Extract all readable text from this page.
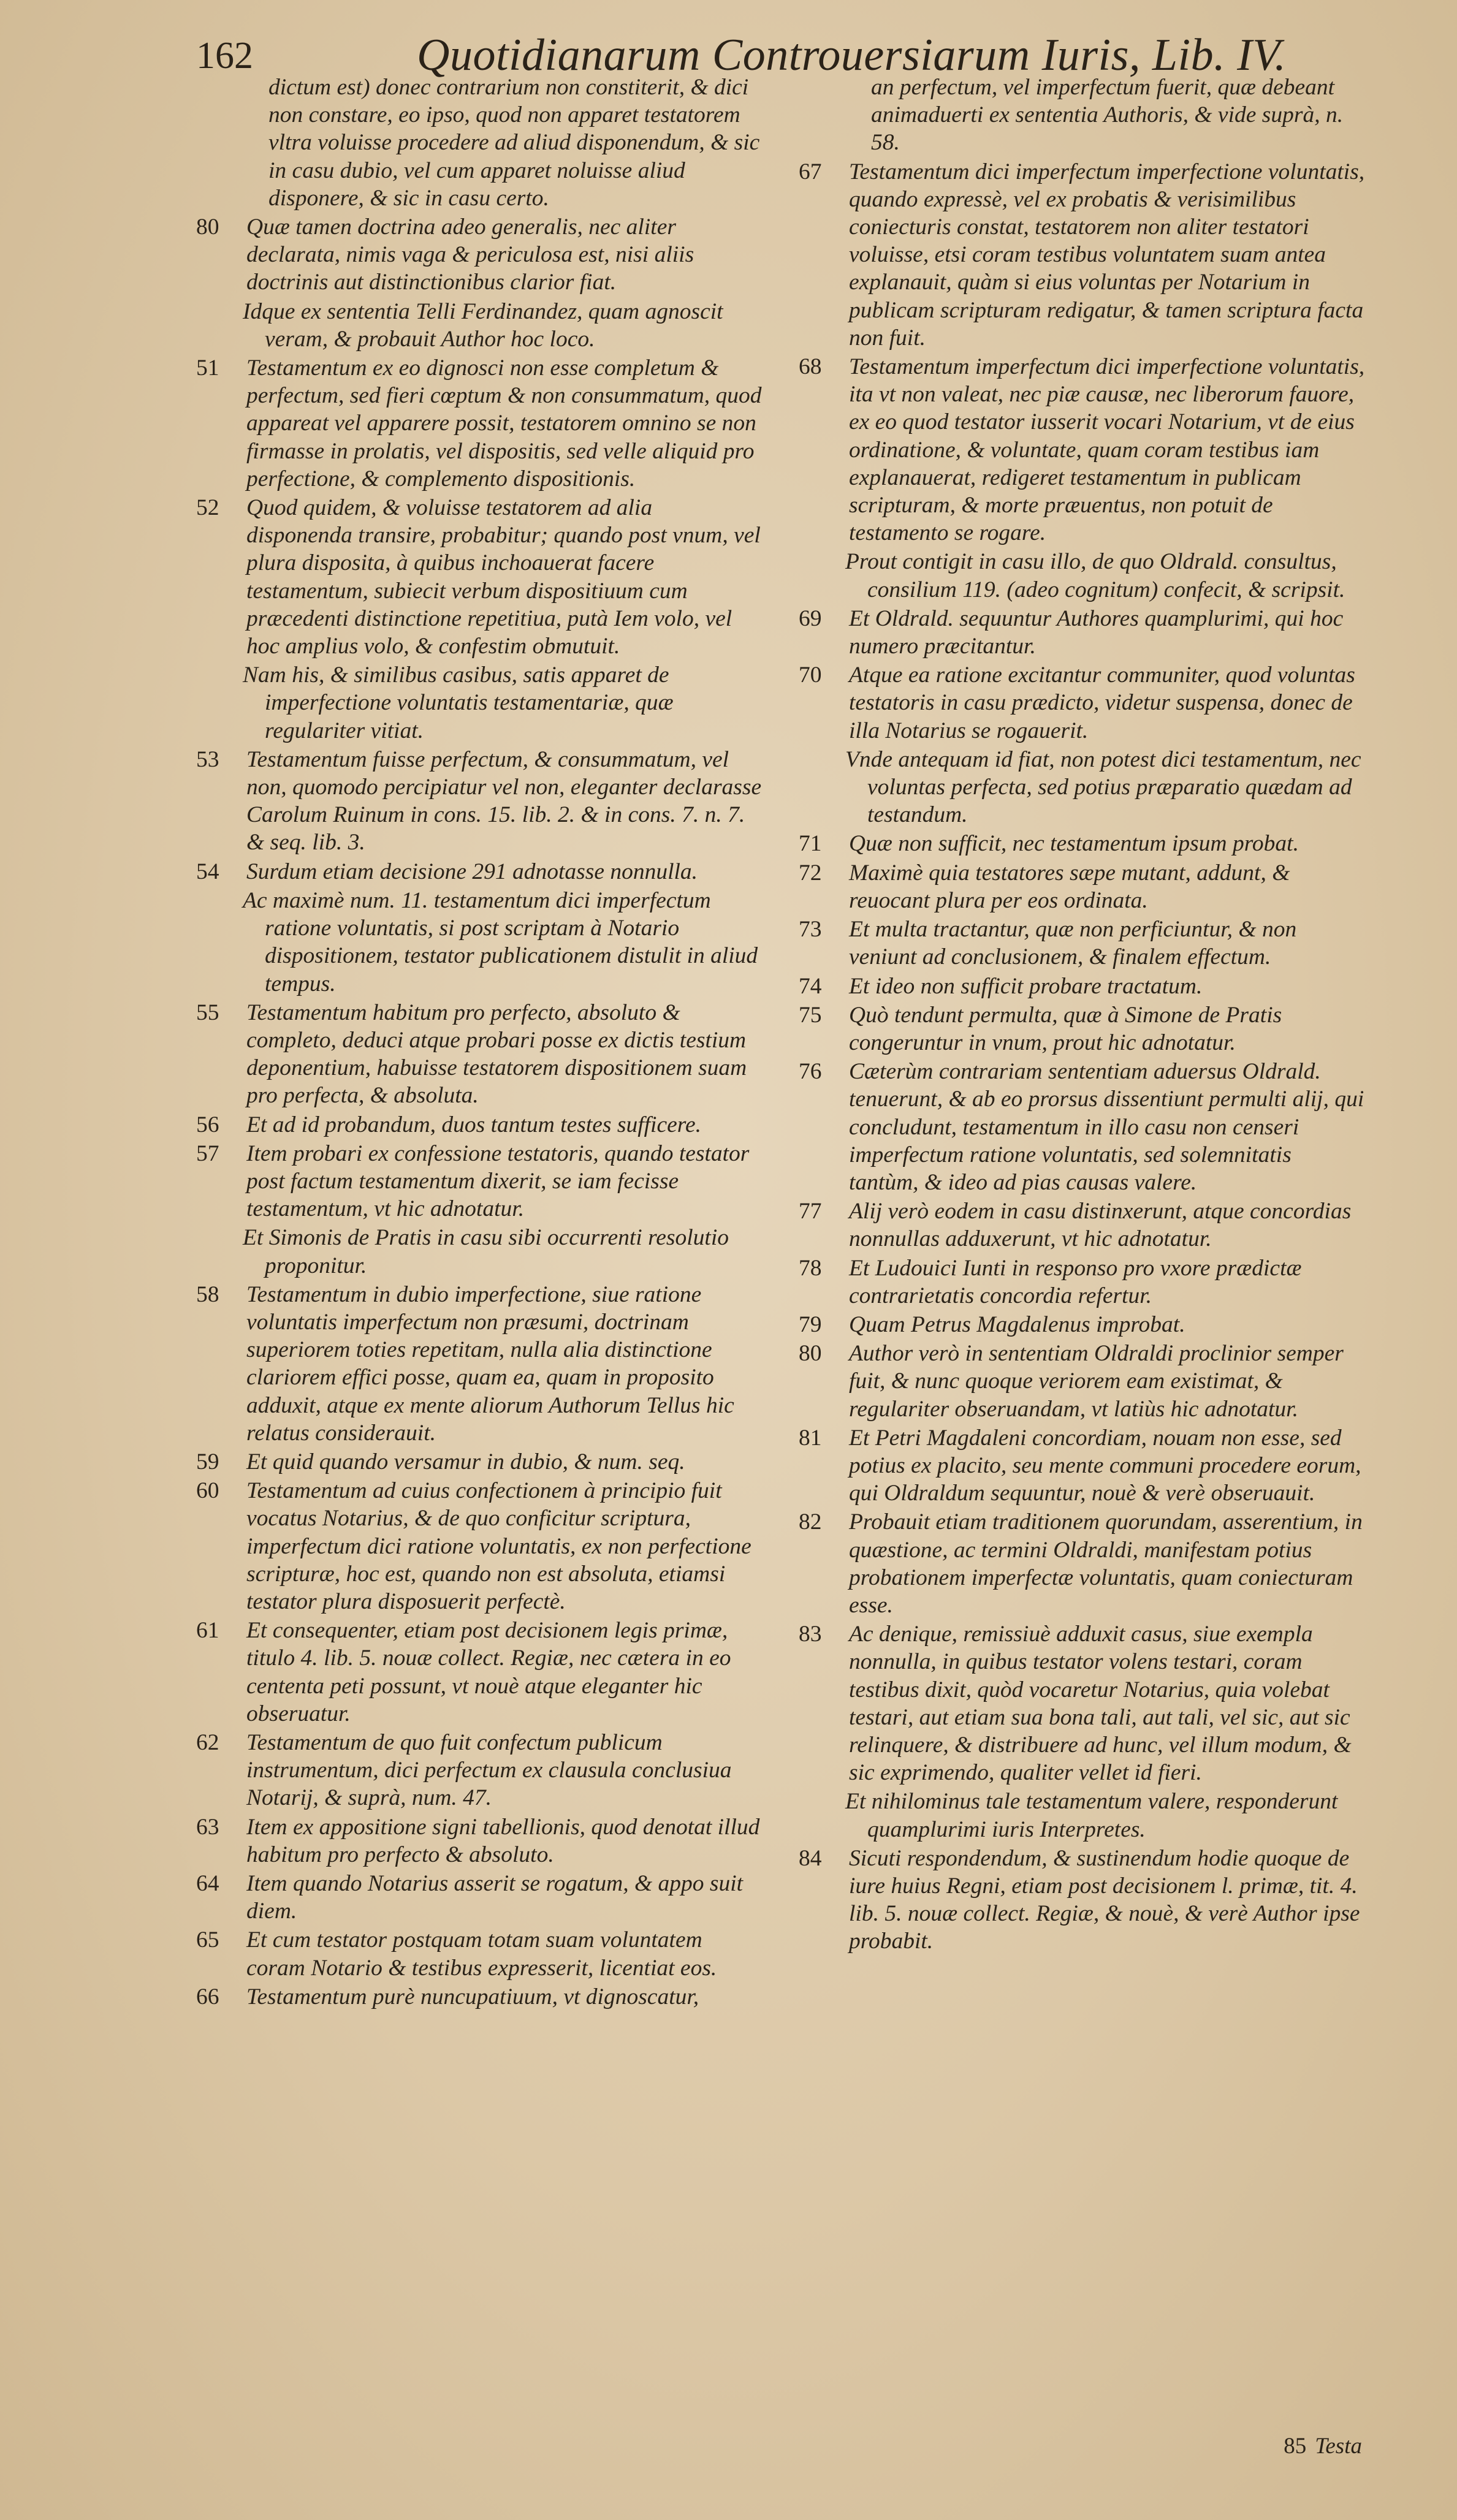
162	Quotidianarum Controuersiarum Iuris, Lib. IV.
dictum est) donec contrarium non constiterit, & dici non constare, eo ipso, quod non apparet testatorem vltra voluisse procedere ad aliud disponendum, & sic in casu dubio, vel cum apparet noluisse aliud disponere, & sic in casu certo.
80	Quæ tamen doctrina adeo generalis, nec aliter declarata, nimis vaga & periculosa est, nisi aliis doctrinis aut distinctionibus clarior fiat.
Idque ex sententia Telli Ferdinandez, quam agnoscit veram, & probauit Author hoc loco.
51	Testamentum ex eo dignosci non esse completum & perfectum, sed fieri cœptum & non consummatum, quod appareat vel apparere possit, testatorem omnino se non firmasse in prolatis, vel dispositis, sed velle aliquid pro perfectione, & complemento dispositionis.
52	Quod quidem, & voluisse testatorem ad alia disponenda transire, probabitur; quando post vnum, vel plura disposita, à quibus inchoauerat facere testamentum, subiecit verbum dispositiuum cum præcedenti distinctione repetitiua, putà Iem volo, vel hoc amplius volo, & confestim obmutuit.
Nam his, & similibus casibus, satis apparet de imperfectione voluntatis testamentariæ, quæ regulariter vitiat.
53	Testamentum fuisse perfectum, & consummatum, vel non, quomodo percipiatur vel non, eleganter declarasse Carolum Ruinum in cons. 15. lib. 2. & in cons. 7. n. 7. & seq. lib. 3.
54	Surdum etiam decisione 291 adnotasse nonnulla.
Ac maximè num. 11. testamentum dici imperfectum ratione voluntatis, si post scriptam à Notario dispositionem, testator publicationem distulit in aliud tempus.
55	Testamentum habitum pro perfecto, absoluto & completo, deduci atque probari posse ex dictis testium deponentium, habuisse testatorem dispositionem suam pro perfecta, & absoluta.
56	Et ad id probandum, duos tantum testes sufficere.
57	Item probari ex confessione testatoris, quando testator post factum testamentum dixerit, se iam fecisse testamentum, vt hic adnotatur.
Et Simonis de Pratis in casu sibi occurrenti resolutio proponitur.
58	Testamentum in dubio imperfectione, siue ratione voluntatis imperfectum non præsumi, doctrinam superiorem toties repetitam, nulla alia distinctione clariorem effici posse, quam ea, quam in proposito adduxit, atque ex mente aliorum Authorum Tellus hic relatus considerauit.
59	Et quid quando versamur in dubio, & num. seq.
60	Testamentum ad cuius confectionem à principio fuit vocatus Notarius, & de quo conficitur scriptura, imperfectum dici ratione voluntatis, ex non perfectione scripturæ, hoc est, quando non est absoluta, etiamsi testator plura disposuerit perfectè.
61	Et consequenter, etiam post decisionem legis primæ, titulo 4. lib. 5. nouæ collect. Regiæ, nec cætera in eo cententa peti possunt, vt nouè atque eleganter hic obseruatur.
62	Testamentum de quo fuit confectum publicum instrumentum, dici perfectum ex clausula conclusiua Notarij, & suprà, num. 47.
63	Item ex appositione signi tabellionis, quod denotat illud habitum pro perfecto & absoluto.
64	Item quando Notarius asserit se rogatum, & appo suit diem.
65	Et cum testator postquam totam suam voluntatem coram Notario & testibus expresserit, licentiat eos.
66	Testamentum purè nuncupatiuum, vt dignoscatur,
an perfectum, vel imperfectum fuerit, quæ debeant animaduerti ex sententia Authoris, & vide suprà, n. 58.
67	Testamentum dici imperfectum imperfectione voluntatis, quando expressè, vel ex probatis & verisimilibus coniecturis constat, testatorem non aliter testatori voluisse, etsi coram testibus voluntatem suam antea explanauit, quàm si eius voluntas per Notarium in publicam scripturam redigatur, & tamen scriptura facta non fuit.
68	Testamentum imperfectum dici imperfectione voluntatis, ita vt non valeat, nec piæ causæ, nec liberorum fauore, ex eo quod testator iusserit vocari Notarium, vt de eius ordinatione, & voluntate, quam coram testibus iam explanauerat, redigeret testamentum in publicam scripturam, & morte præuentus, non potuit de testamento se rogare.
Prout contigit in casu illo, de quo Oldrald. consultus, consilium 119. (adeo cognitum) confecit, & scripsit.
69	Et Oldrald. sequuntur Authores quamplurimi, qui hoc numero præcitantur.
70	Atque ea ratione excitantur communiter, quod voluntas testatoris in casu prædicto, videtur suspensa, donec de illa Notarius se rogauerit.
Vnde antequam id fiat, non potest dici testamentum, nec voluntas perfecta, sed potius præparatio quædam ad testandum.
71	Quæ non sufficit, nec testamentum ipsum probat.
72	Maximè quia testatores sæpe mutant, addunt, & reuocant plura per eos ordinata.
73	Et multa tractantur, quæ non perficiuntur, & non veniunt ad conclusionem, & finalem effectum.
74	Et ideo non sufficit probare tractatum.
75	Quò tendunt permulta, quæ à Simone de Pratis congeruntur in vnum, prout hic adnotatur.
76	Cæterùm contrariam sententiam aduersus Oldrald. tenuerunt, & ab eo prorsus dissentiunt permulti alij, qui concludunt, testamentum in illo casu non censeri imperfectum ratione voluntatis, sed solemnitatis tantùm, & ideo ad pias causas valere.
77	Alij verò eodem in casu distinxerunt, atque concordias nonnullas adduxerunt, vt hic adnotatur.
78	Et Ludouici Iunti in responso pro vxore prædictæ contrarietatis concordia refertur.
79	Quam Petrus Magdalenus improbat.
80	Author verò in sententiam Oldraldi proclinior semper fuit, & nunc quoque veriorem eam existimat, & regulariter obseruandam, vt latiùs hic adnotatur.
81	Et Petri Magdaleni concordiam, nouam non esse, sed potius ex placito, seu mente communi procedere eorum, qui Oldraldum sequuntur, nouè & verè obseruauit.
82	Probauit etiam traditionem quorundam, asserentium, in quæstione, ac termini Oldraldi, manifestam potius probationem imperfectæ voluntatis, quam coniecturam esse.
83	Ac denique, remissiuè adduxit casus, siue exempla nonnulla, in quibus testator volens testari, coram testibus dixit, quòd vocaretur Notarius, quia volebat testari, aut etiam sua bona tali, aut tali, vel sic, aut sic relinquere, & distribuere ad hunc, vel illum modum, & sic exprimendo, qualiter vellet id fieri.
Et nihilominus tale testamentum valere, responderunt quamplurimi iuris Interpretes.
84	Sicuti respondendum, & sustinendum hodie quoque de iure huius Regni, etiam post decisionem l. primæ, tit. 4. lib. 5. nouæ collect. Regiæ, & nouè, & verè Author ipse probabit.
85 Testa
